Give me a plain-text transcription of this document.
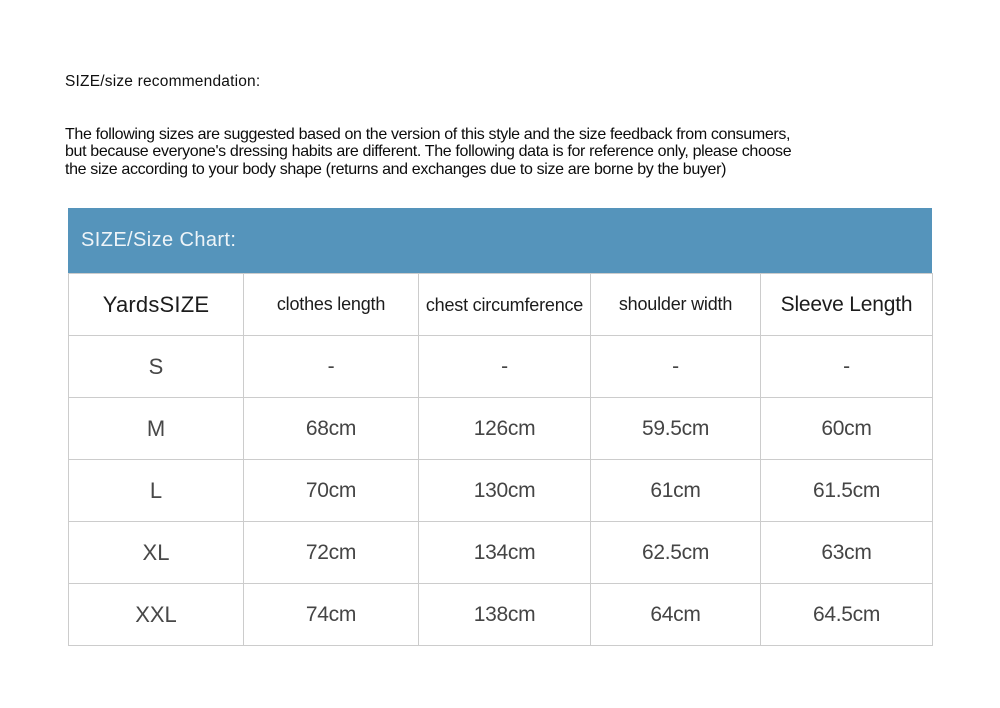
SIZE/size recommendation:
The following sizes are suggested based on the version of this style and the size feedback from consumers,
but because everyone's dressing habits are different. The following data is for reference only, please choose
the size according to your body shape (returns and exchanges due to size are borne by the buyer)
SIZE/Size Chart:
YardsSIZE	clothes length	chest circumference	shoulder width	Sleeve Length
S	-	-	-	-
M	68cm	126cm	59.5cm	60cm
L	70cm	130cm	61cm	61.5cm
XL	72cm	134cm	62.5cm	63cm
XXL	74cm	138cm	64cm	64.5cm
